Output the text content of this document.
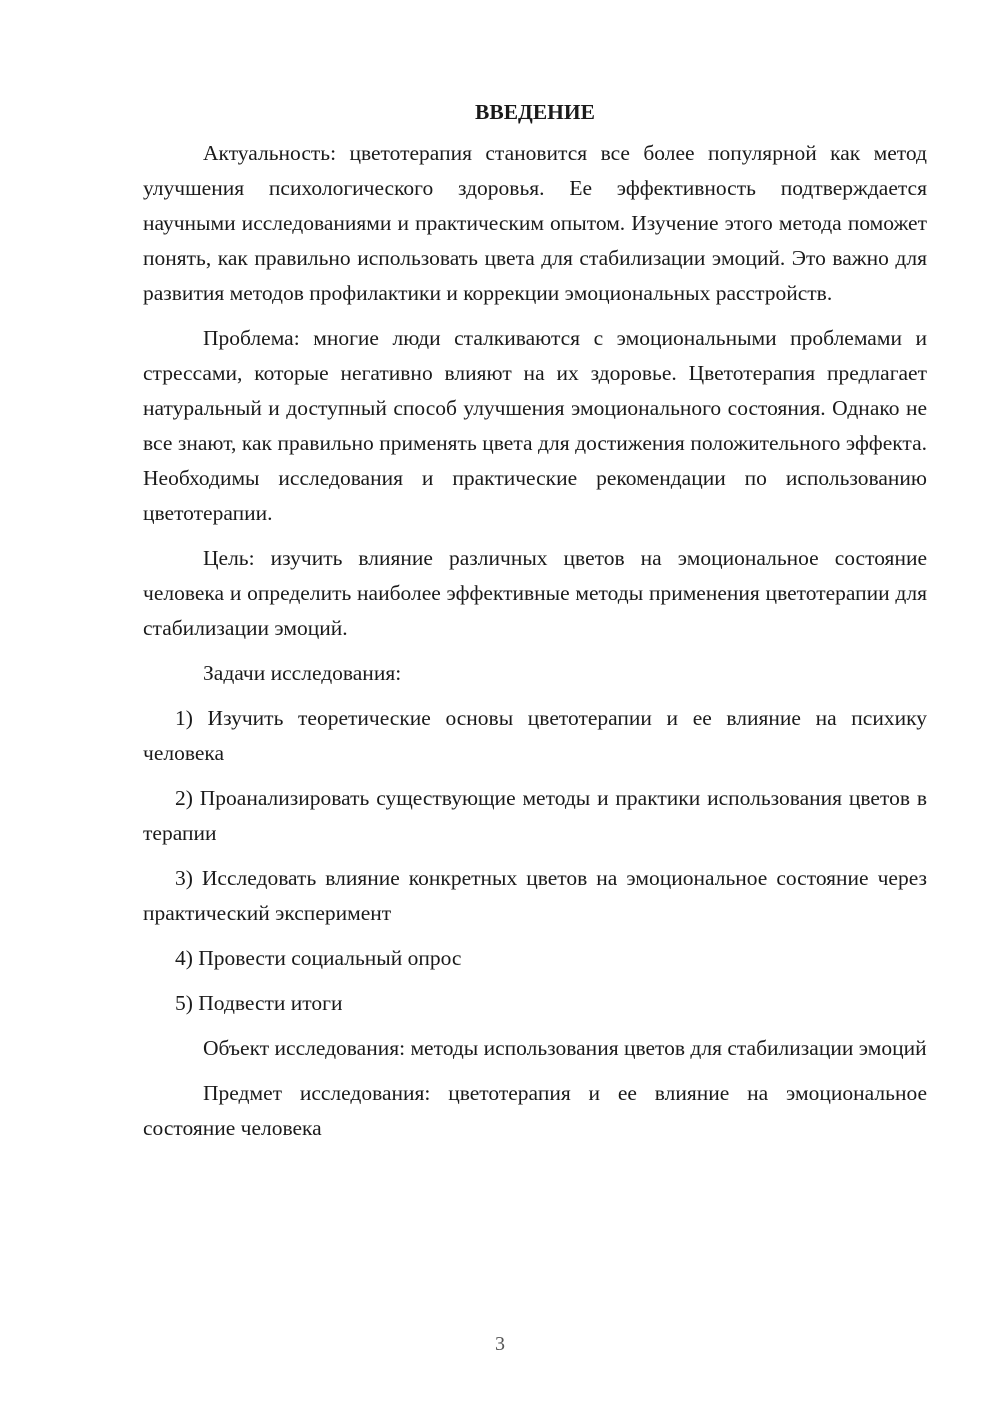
ВВЕДЕНИЕ

Актуальность: цветотерапия становится все более популярной как метод улучшения психологического здоровья. Ее эффективность подтверждается научными исследованиями и практическим опытом. Изучение этого метода поможет понять, как правильно использовать цвета для стабилизации эмоций. Это важно для развития методов профилактики и коррекции эмоциональных расстройств.

Проблема: многие люди сталкиваются с эмоциональными проблемами и стрессами, которые негативно влияют на их здоровье. Цветотерапия предлагает натуральный и доступный способ улучшения эмоционального состояния. Однако не все знают, как правильно применять цвета для достижения положительного эффекта. Необходимы исследования и практические рекомендации по использованию цветотерапии.

Цель: изучить влияние различных цветов на эмоциональное состояние человека и определить наиболее эффективные методы применения цветотерапии для стабилизации эмоций.

Задачи исследования:

1) Изучить теоретические основы цветотерапии и ее влияние на психику человека

2) Проанализировать существующие методы и практики использования цветов в терапии

3) Исследовать влияние конкретных цветов на эмоциональное состояние через практический эксперимент

4) Провести социальный опрос

5) Подвести итоги

Объект исследования: методы использования цветов для стабилизации эмоций

Предмет исследования: цветотерапия и ее влияние на эмоциональное состояние человека

3
